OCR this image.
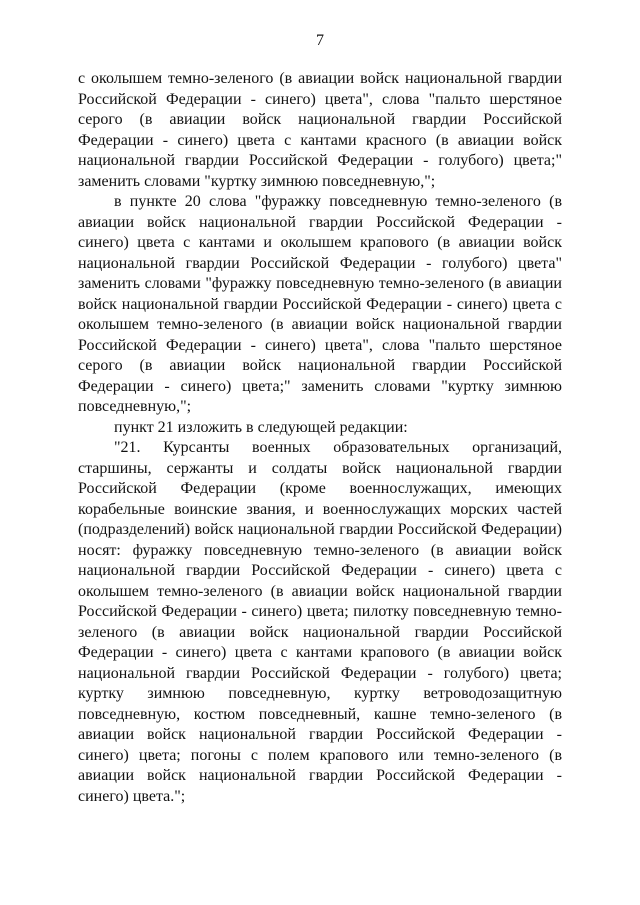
7

с околышем темно-зеленого (в авиации войск национальной гвардии Российской Федерации - синего) цвета", слова "пальто шерстяное серого (в авиации войск национальной гвардии Российской Федерации - синего) цвета с кантами красного (в авиации войск национальной гвардии Российской Федерации - голубого) цвета;" заменить словами "куртку зимнюю повседневную,";

в пункте 20 слова "фуражку повседневную темно-зеленого (в авиации войск национальной гвардии Российской Федерации - синего) цвета с кантами и околышем крапового (в авиации войск национальной гвардии Российской Федерации - голубого) цвета" заменить словами "фуражку повседневную темно-зеленого (в авиации войск национальной гвардии Российской Федерации - синего) цвета с околышем темно-зеленого (в авиации войск национальной гвардии Российской Федерации - синего) цвета", слова "пальто шерстяное серого (в авиации войск национальной гвардии Российской Федерации - синего) цвета;" заменить словами "куртку зимнюю повседневную,";

пункт 21 изложить в следующей редакции:

"21. Курсанты военных образовательных организаций, старшины, сержанты и солдаты войск национальной гвардии Российской Федерации (кроме военнослужащих, имеющих корабельные воинские звания, и военнослужащих морских частей (подразделений) войск национальной гвардии Российской Федерации) носят: фуражку повседневную темно-зеленого (в авиации войск национальной гвардии Российской Федерации - синего) цвета с околышем темно-зеленого (в авиации войск национальной гвардии Российской Федерации - синего) цвета; пилотку повседневную темно-зеленого (в авиации войск национальной гвардии Российской Федерации - синего) цвета с кантами крапового (в авиации войск национальной гвардии Российской Федерации - голубого) цвета; куртку зимнюю повседневную, куртку ветроводозащитную повседневную, костюм повседневный, кашне темно-зеленого (в авиации войск национальной гвардии Российской Федерации - синего) цвета; погоны с полем крапового или темно-зеленого (в авиации войск национальной гвардии Российской Федерации - синего) цвета.";
